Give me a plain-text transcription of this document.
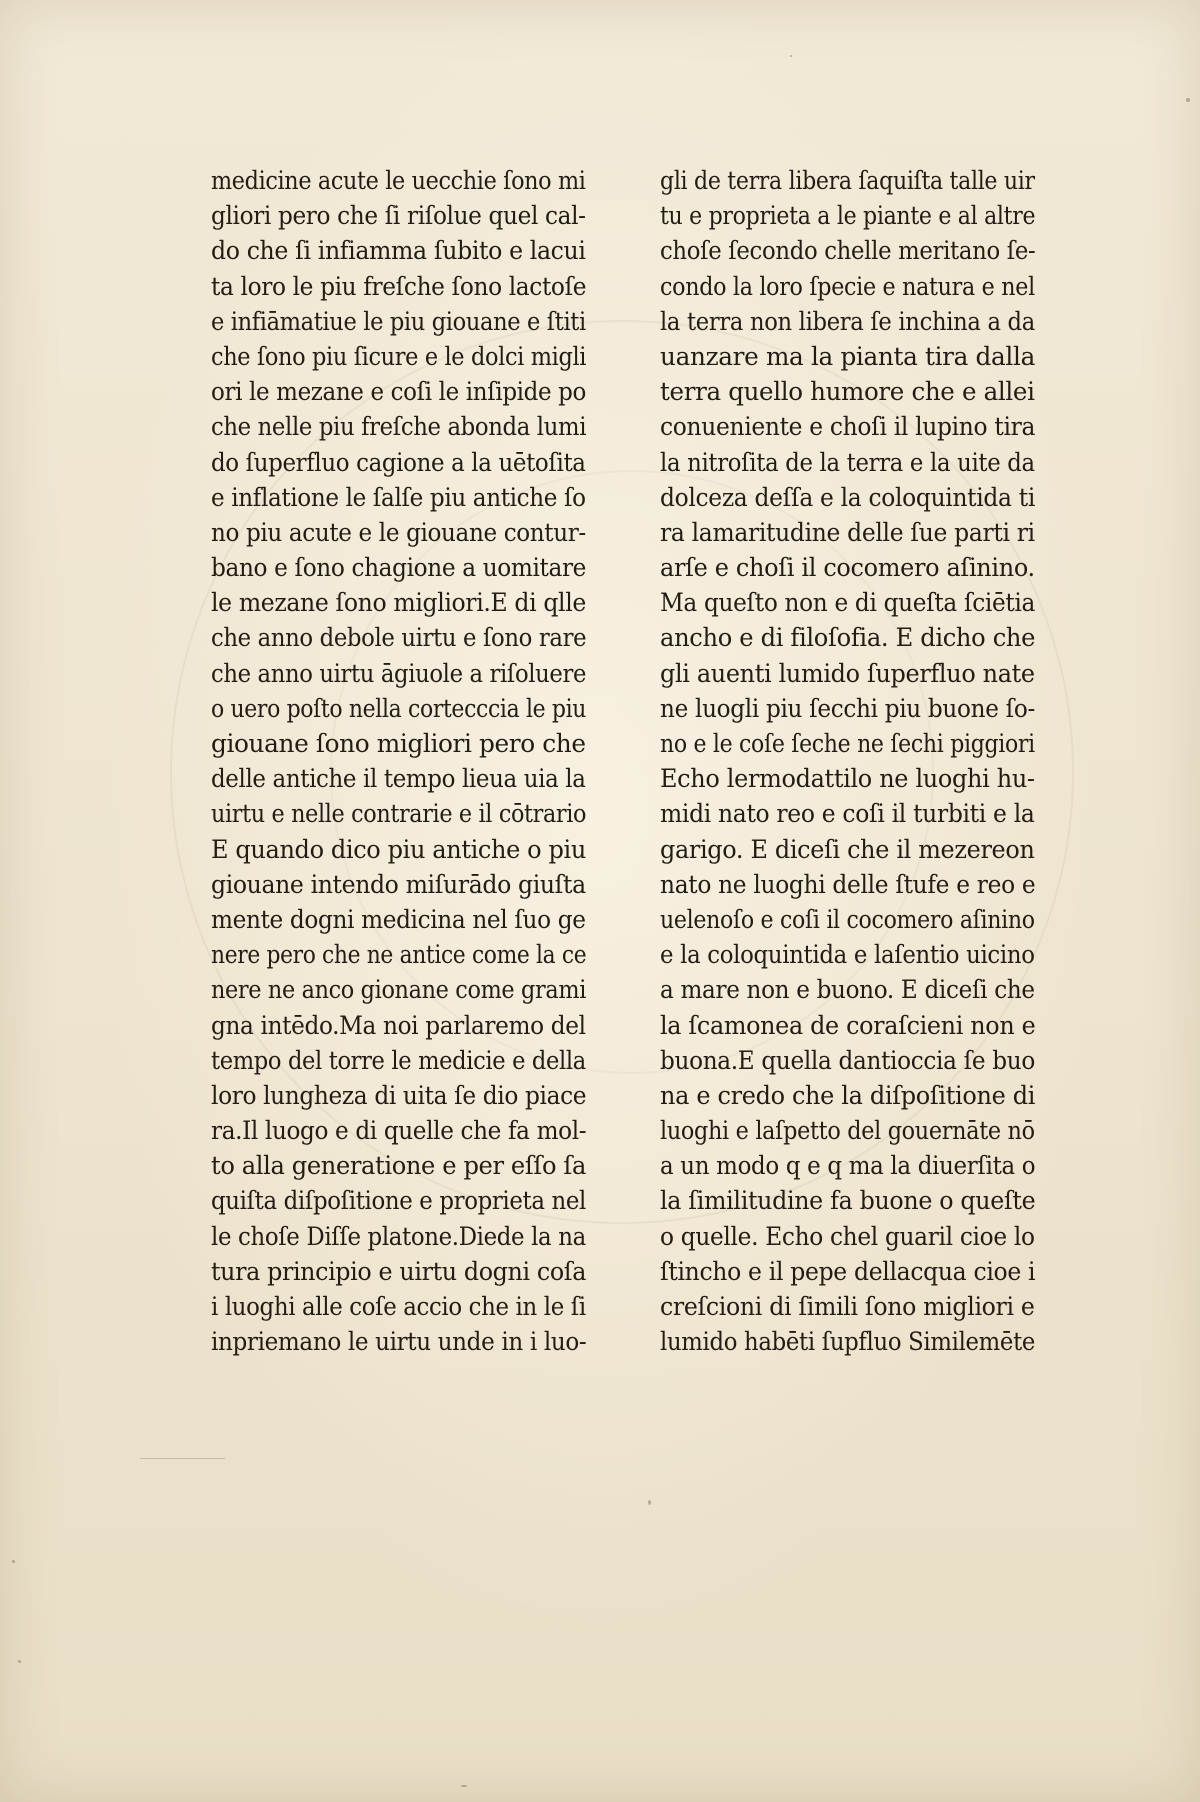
medicine acute le uecchie ſono mi
gliori pero che ſi riſolue quel cal-
do che ſi infiamma ſubito e lacui
ta loro le piu freſche ſono lactoſe
e infiāmatiue le piu giouane e ſtiti
che ſono piu ſicure e le dolci migli
ori le mezane e coſi le inſipide po
che nelle piu freſche abonda lumi
do ſuperfluo cagione a la uētoſita
e inflatione le ſalſe piu antiche ſo
no piu acute e le giouane contur-
bano e ſono chagione a uomitare
le mezane ſono migliori.E di qlle
che anno debole uirtu e ſono rare
che anno uirtu āgiuole a riſoluere
o uero poſto nella cortecccia le piu
giouane ſono migliori pero che
delle antiche il tempo lieua uia la
uirtu e nelle contrarie e il cōtrario
E quando dico piu antiche o piu
giouane intendo miſurādo giuſta
mente dogni medicina nel ſuo ge
nere pero che ne antice come la ce
nere ne anco gionane come grami
gna intēdo.Ma noi parlaremo del
tempo del torre le medicie e della
loro lungheza di uita ſe dio piace
ra.Il luogo e di quelle che fa mol-
to alla generatione e per eſſo ſa
quiſta diſpoſitione e proprieta nel
le choſe Diſſe platone.Diede la na
tura principio e uirtu dogni coſa
i luoghi alle coſe accio che in le ſi
inpriemano le uirtu unde in i luo-
gli de terra libera ſaquiſta talle uir
tu e proprieta a le piante e al altre
choſe ſecondo chelle meritano ſe-
condo la loro ſpecie e natura e nel
la terra non libera ſe inchina a da
uanzare ma la pianta tira dalla
terra quello humore che e allei
conueniente e choſi il lupino tira
la nitroſita de la terra e la uite da
dolceza deſſa e la coloquintida ti
ra lamaritudine delle ſue parti ri
arſe e choſi il cocomero aſinino.
Ma queſto non e di queſta ſciētia
ancho e di filoſofia. E dicho che
gli auenti lumido ſuperfluo nate
ne luogli piu ſecchi piu buone ſo-
no e le coſe ſeche ne ſechi piggiori
Echo lermodattilo ne luoghi hu-
midi nato reo e coſi il turbiti e la
garigo. E diceſi che il mezereon
nato ne luoghi delle ſtufe e reo e
uelenoſo e coſi il cocomero aſinino
e la coloquintida e laſentio uicino
a mare non e buono. E diceſi che
la ſcamonea de coraſcieni non e
buona.E quella dantioccia ſe buo
na e credo che la diſpoſitione di
luoghi e laſpetto del gouernāte nō
a un modo q e q ma la diuerſita o
la ſimilitudine fa buone o queſte
o quelle. Echo chel guaril cioe lo
ſtincho e il pepe dellacqua cioe i
creſcioni di ſimili ſono migliori e
lumido habēti ſupfluo Similemēte
